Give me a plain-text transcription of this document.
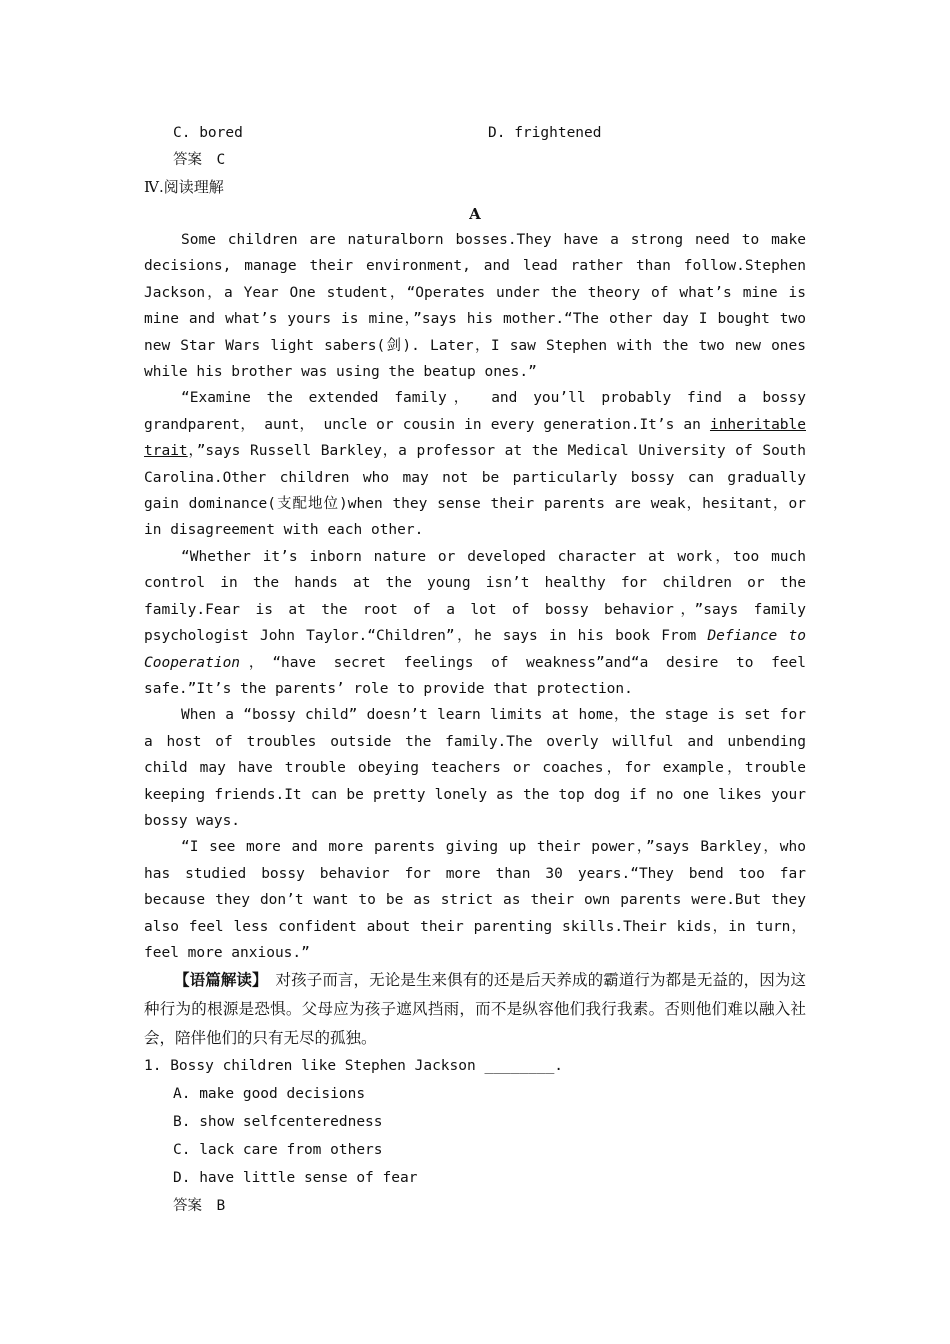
C. bored	D. frightened
答案　C
Ⅳ.阅读理解
A

Some children are naturalborn bosses.They have a strong need to make decisions, manage their environment, and lead rather than follow.Stephen Jackson，a Year One student，“Operates under the theory of what’s mine is mine and what’s yours is mine，”says his mother.“The other day I bought two new Star Wars light sabers(剑). Later，I saw Stephen with the two new ones while his brother was using the beatup ones.”

“Examine the extended family， and you’ll probably find a bossy grandparent， aunt， uncle or cousin in every generation.It’s an inheritable trait，”says Russell Barkley，a professor at the Medical University of South Carolina.Other children who may not be particularly bossy can gradually gain dominance(支配地位)when they sense their parents are weak，hesitant，or in disagreement with each other.

“Whether it’s inborn nature or developed character at work，too much control in the hands at the young isn’t healthy for children or the family.Fear is at the root of a lot of bossy behavior，”says family psychologist John Taylor.“Children”，he says in his book From Defiance to Cooperation，“have secret feelings of weakness”and“a desire to feel safe.”It’s the parents’ role to provide that protection.

When a “bossy child” doesn’t learn limits at home，the stage is set for a host of troubles outside the family.The overly willful and unbending child may have trouble obeying teachers or coaches，for example，trouble keeping friends.It can be pretty lonely as the top dog if no one likes your bossy ways.

“I see more and more parents giving up their power，”says Barkley，who has studied bossy behavior for more than 30 years.“They bend too far because they don’t want to be as strict as their own parents were.But they also feel less confident about their parenting skills.Their kids，in turn，feel more anxious.”

【语篇解读】　对孩子而言，无论是生来俱有的还是后天养成的霸道行为都是无益的，因为这种行为的根源是恐惧。父母应为孩子遮风挡雨，而不是纵容他们我行我素。否则他们难以融入社会，陪伴他们的只有无尽的孤独。

1. Bossy children like Stephen Jackson ________.
A. make good decisions
B. show selfcenteredness
C. lack care from others
D. have little sense of fear
答案　B
